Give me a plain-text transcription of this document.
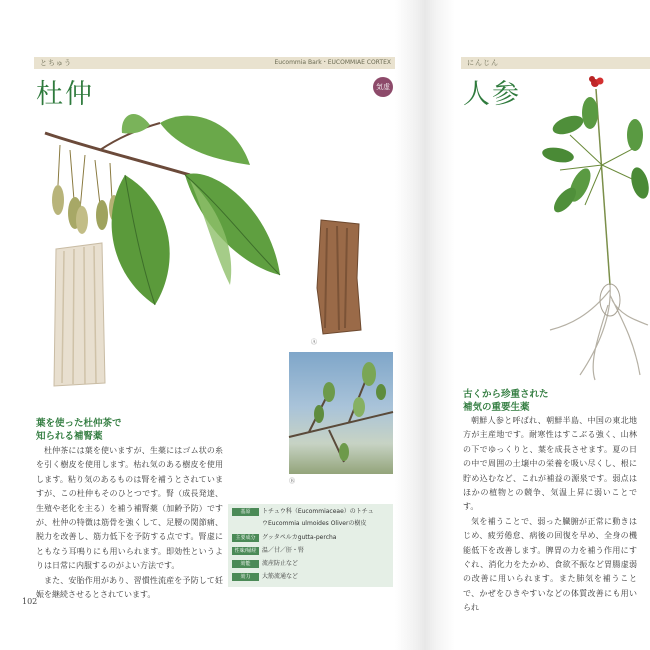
とちゅう	Eucommia Bark・EUCOMMIAE CORTEX
杜仲	気虚
Ⓐ
Ⓑ
葉を使った杜仲茶で
知られる補腎薬

杜仲茶には葉を使いますが、生薬にはゴム状の糸を引く樹皮を使用します。枯れ気のある樹皮を使用します。粘り気のあるものは腎を補うとされていますが、この杜仲もそのひとつです。腎（成長発達、生殖や老化を主る）を補う補腎薬（加齢予防）ですが、杜仲の特徴は筋骨を強くして、足腰の関節痛、脱力を改善し、筋力低下を予防する点です。腎虚にともなう耳鳴りにも用いられます。即効性というよりは日常に内服するのがよい方法です。

また、安胎作用があり、習慣性流産を予防して妊娠を継続させるとされています。

基原	トチュウ科（Eucommiaceae）のトチュ
ウEucommia ulmoides Oliverの樹皮
主要成分	グッタペルカgutta-percha
性味/帰経 温／甘／肝・腎
効能	流産防止など
効力	大筋流通など
102
にんじん
人参
古くから珍重された
補気の重要生薬

朝鮮人参と呼ばれ、朝鮮半島、中国の東北地方が主産地です。耐寒性はすこぶる強く、山林の下でゆっくりと、葉を成長させます。夏の日の中で周囲の土壌中の栄養を吸い尽くし、根に貯め込むなど、これが補益の源泉です。弱点はほかの植物との競争、気温上昇に弱いことです。

気を補うことで、弱った臓腑が正常に動きはじめ、疲労倦怠、病後の回復を早め、全身の機能低下を改善します。脾胃の力を補う作用にすぐれ、消化力をたかめ、食欲不振など胃腸虚弱の改善に用いられます。また肺気を補うことで、かぜをひきやすいなどの体質改善にも用いられ
